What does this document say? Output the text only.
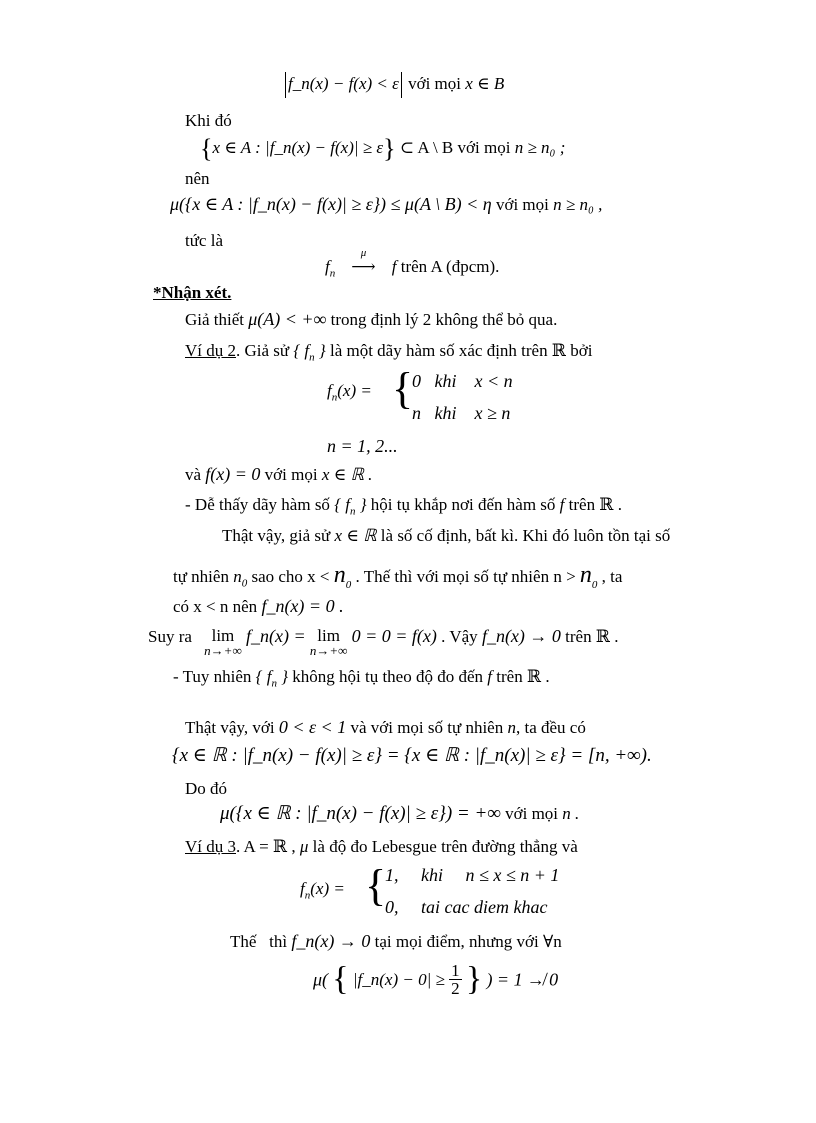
f_n(x) − f(x) < ε với mọi x ∈ B
Khi đó
{x ∈ A : |f_n(x) − f(x)| ≥ ε} ⊂ A \ B với mọi n ≥ n₀ ;
nên
μ({x ∈ A : |f_n(x) − f(x)| ≥ ε}) ≤ μ(A \ B) < η với mọi n ≥ n₀ ,
tức là
$f_n$
μ
⟶ f trên A (đpcm).
*Nhận xét.
Giả thiết μ(A) < +∞ trong định lý 2 không thể bỏ qua.
Ví dụ 2. Giả sử { $f_n$ } là một dãy hàm số xác định trên ℝ bởi
$f_n(x)$ = {
0   khi    x < n
n   khi    x ≥ n
n = 1, 2...
và f(x) = 0 với mọi x ∈ ℝ .
- Dễ thấy dãy hàm số { $f_n$ } hội tụ khắp nơi đến hàm số f trên ℝ .
Thật vậy, giả sử x ∈ ℝ là số cố định, bất kì. Khi đó luôn tồn tại số
tự nhiên $n_0$ sao cho $x < n_0$ . Thế thì với mọi số tự nhiên $n > n_0$ , ta
có x < n nên f_n(x) = 0 .
Suy ra lim
n→+∞
f_n(x) = lim
n→+∞
0 = 0 = f(x) . Vậy f_n(x) → 0 trên ℝ .
- Tuy nhiên { $f_n$ } không hội tụ theo độ đo đến f trên ℝ .
Thật vậy, với 0 < ε < 1 và với mọi số tự nhiên n, ta đều có
{x ∈ ℝ : |f_n(x) − f(x)| ≥ ε} = {x ∈ ℝ : |f_n(x)| ≥ ε} = [n, +∞).
Do đó
μ({x ∈ ℝ : |f_n(x) − f(x)| ≥ ε}) = +∞ với mọi n .
Ví dụ 3. A = ℝ , μ là độ đo Lebesgue trên đường thẳng và
$f_n(x)$ = {
1,     khi     n ≤ x ≤ n + 1
0,     tai cac diem khac
Thế   thì f_n(x) → 0 tại mọi điểm, nhưng với ∀n
μ( { |f_n(x) − $0| \ge \frac{1}{2}$ } ) = 1 ↛ 0
